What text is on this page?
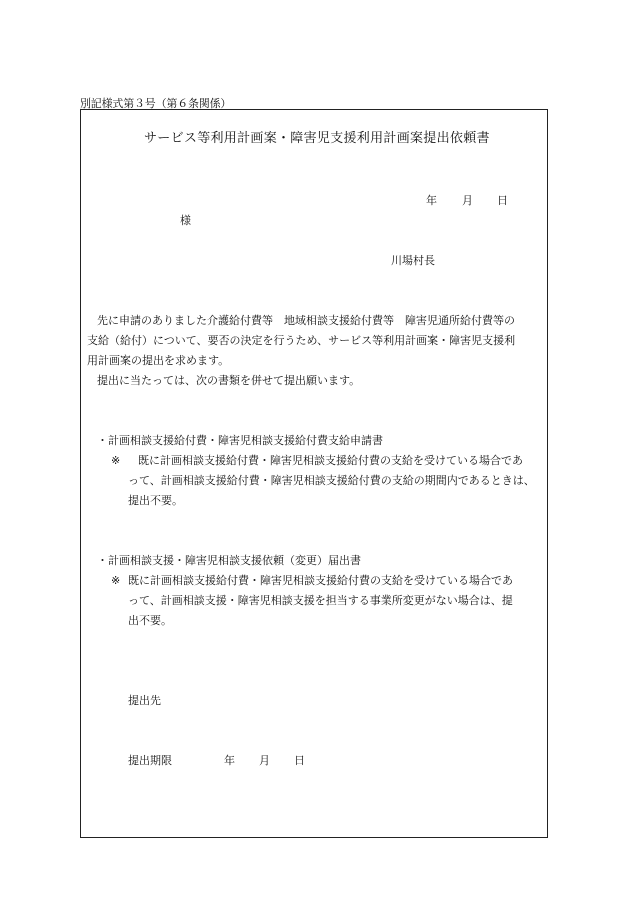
別記様式第３号（第６条関係）
サービス等利用計画案・障害児支援利用計画案提出依頼書
年 月 日
様
川場村長
先に申請のありました介護給付費等　地域相談支援給付費等　障害児通所給付費等の
支給（給付）について、要否の決定を行うため、サービス等利用計画案・障害児支援利
用計画案の提出を求めます。
提出に当たっては、次の書類を併せて提出願います。
・計画相談支援給付費・障害児相談支援給付費支給申請書
※ 既に計画相談支援給付費・障害児相談支援給付費の支給を受けている場合であ
って、計画相談支援給付費・障害児相談支援給付費の支給の期間内であるときは、
提出不要。
・計画相談支援・障害児相談支援依頼（変更）届出書
※ 既に計画相談支援給付費・障害児相談支援給付費の支給を受けている場合であ
って、計画相談支援・障害児相談支援を担当する事業所変更がない場合は、提
出不要。
提出先
提出期限	年 月 日
